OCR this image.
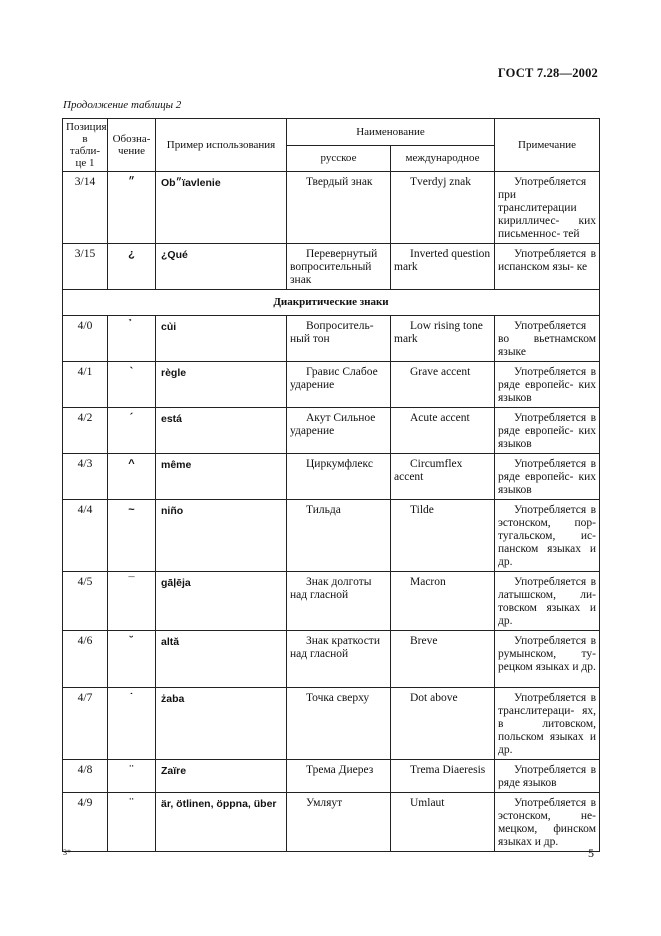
ГОСТ 7.28—2002
Продолжение таблицы 2
Позиция в табли- це 1	Обозна- чение	Пример использования	Наименование		Примечание
			русское	международное	
3/14	״	Ob״ïavlenie	Твердый знак	Tverdyj znak	Употребляется при транслитерации кирилличес- ких письменнос- тей

3/15	¿	¿Qué	Перевернутый вопросительный знак	Inverted question mark	Употребляется в испанском язы- ке

Диакритические знаки					
4/0		củi	Вопроситель- ный тон	Low rising tone mark	Употребляется во вьетнамском языке

4/1	`	règle	Гравис Слабое ударение	Grave accent	Употребляется в ряде европейс- ких языков

4/2	´	está	Акут Сильное ударение	Acute accent	Употребляется в ряде европейс- ких языков

4/3	^	même	Циркумфлекс	Circumflex accent	Употребляется в ряде европейс- ких языков

4/4	~	niño	Тильда	Tilde	Употребляется в эстонском, пор- тугальском, ис- панском языках и др.

4/5	¯	gāļēja	Знак долготы над гласной	Macron	Употребляется в латышском, ли- товском языках и др.

4/6	˘	altă	Знак краткости над гласной	Breve	Употребляется в румынском, ту- рецком языках и др.

4/7	˙	żaba	Точка сверху	Dot above	Употребляется в транслитераци- ях, в литовском, польском языках и др.

4/8	¨	Zaïre	Трема Диерез	Trema Diaeresis	Употребляется в ряде языков

4/9	¨	är, ötlinen, öppna, über	Умляут	Umlaut	Употребляется в эстонском, не- мецком, финском языках и др.
3*	5
